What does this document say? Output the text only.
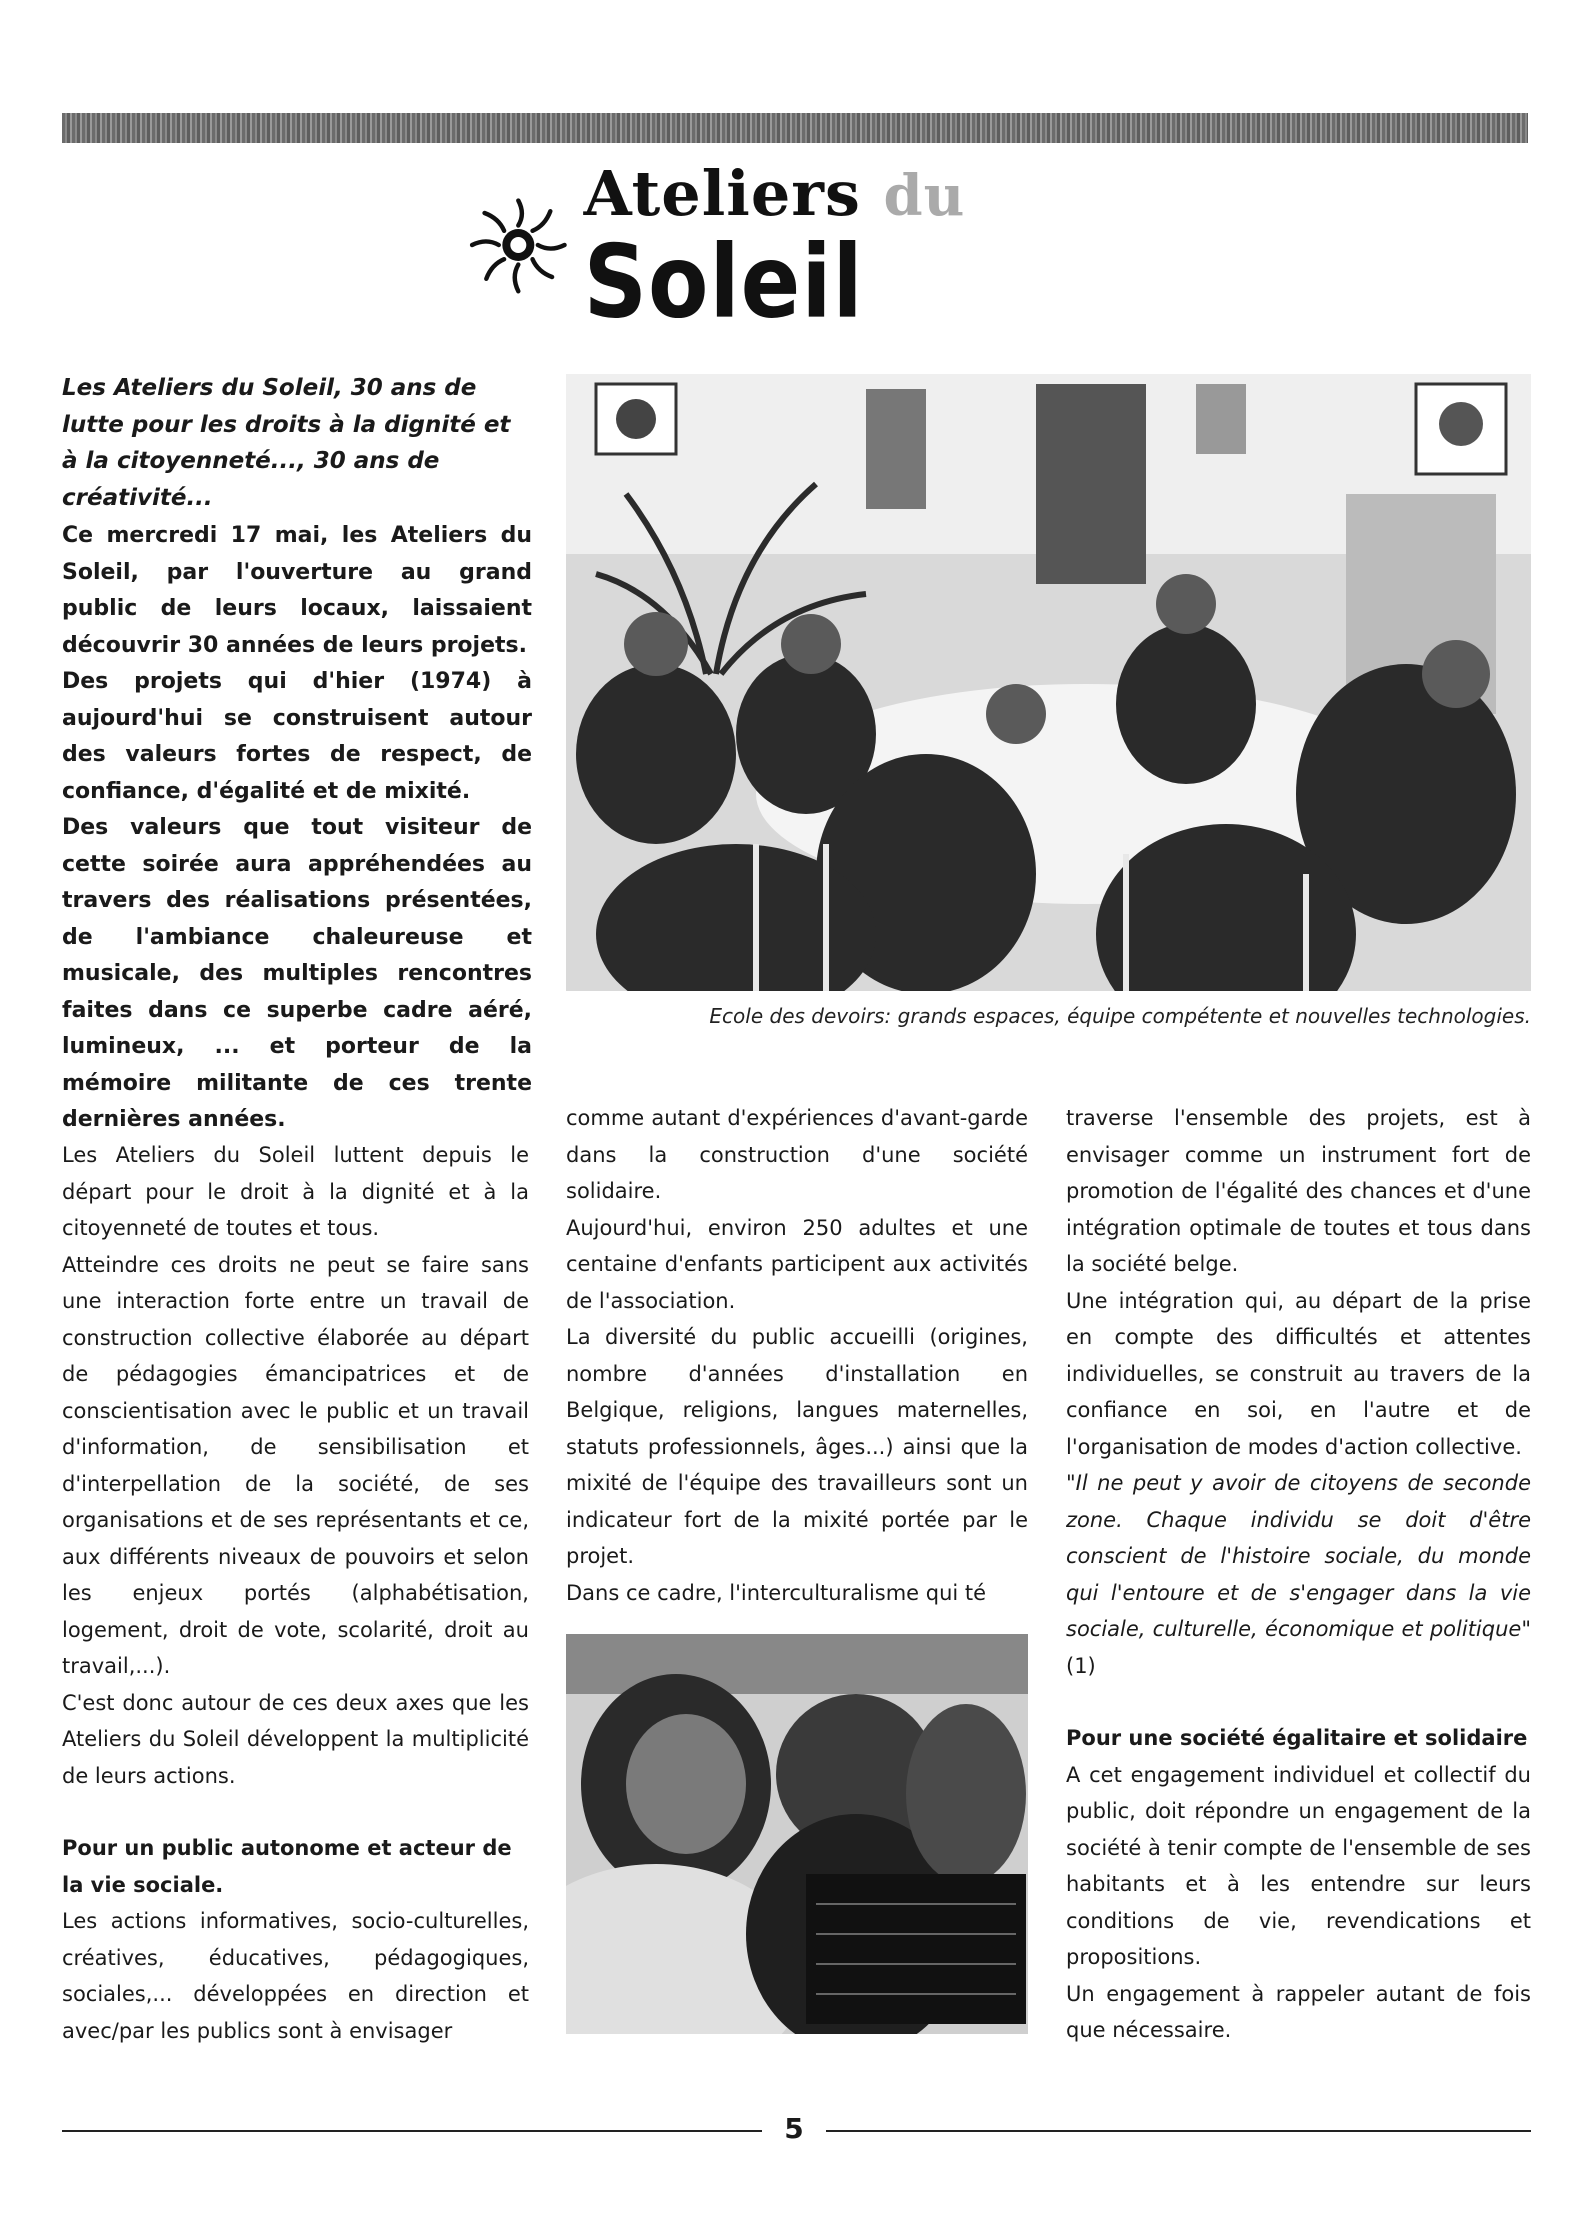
Ateliers du Soleil
Les Ateliers du Soleil, 30 ans de lutte pour les droits à la dignité et à la citoyenneté..., 30 ans de créativité...

Ce mercredi 17 mai, les Ateliers du Soleil, par l'ouverture au grand public de leurs locaux, laissaient découvrir 30 années de leurs projets.

Des projets qui d'hier (1974) à aujourd'hui se construisent autour des valeurs fortes de respect, de confiance, d'égalité et de mixité.

Des valeurs que tout visiteur de cette soirée aura appréhendées au travers des réalisations présentées, de l'ambiance chaleureuse et musicale, des multiples rencontres faites dans ce superbe cadre aéré, lumineux, ... et porteur de la mémoire militante de ces trente dernières années.

Ecole des devoirs: grands espaces, équipe compétente et nouvelles technologies.

Les Ateliers du Soleil luttent depuis le départ pour le droit à la dignité et à la citoyenneté de toutes et tous.

Atteindre ces droits ne peut se faire sans une interaction forte entre un travail de construction collective élaborée au départ de pédagogies émancipatrices et de conscientisation avec le public et un travail d'information, de sensibilisation et d'interpellation de la société, de ses organisations et de ses représentants et ce, aux différents niveaux de pouvoirs et selon les enjeux portés (alphabétisation, logement, droit de vote, scolarité, droit au travail,...).

C'est donc autour de ces deux axes que les Ateliers du Soleil développent la multiplicité de leurs actions.

Pour un public autonome et acteur de la vie sociale.

Les actions informatives, socio-culturelles, créatives, éducatives, pédagogiques, sociales,... développées en direction et avec/par les publics sont à envisager

comme autant d'expériences d'avant-garde dans la construction d'une société solidaire.

Aujourd'hui, environ 250 adultes et une centaine d'enfants participent aux activités de l'association.

La diversité du public accueilli (origines, nombre d'années d'installation en Belgique, religions, langues maternelles, statuts professionnels, âges...) ainsi que la mixité de l'équipe des travailleurs sont un indicateur fort de la mixité portée par le projet.

Dans ce cadre, l'interculturalisme qui té

traverse l'ensemble des projets, est à envisager comme un instrument fort de promotion de l'égalité des chances et d'une intégration optimale de toutes et tous dans la société belge.

Une intégration qui, au départ de la prise en compte des difficultés et attentes individuelles, se construit au travers de la confiance en soi, en l'autre et de l'organisation de modes d'action collective.

"Il ne peut y avoir de citoyens de seconde zone. Chaque individu se doit d'être conscient de l'histoire sociale, du monde qui l'entoure et de s'engager dans la vie sociale, culturelle, économique et politique" (1)

Pour une société égalitaire et solidaire

A cet engagement individuel et collectif du public, doit répondre un engagement de la société à tenir compte de l'ensemble de ses habitants et à les entendre sur leurs conditions de vie, revendications et propositions.

Un engagement à rappeler autant de fois que nécessaire.

5
